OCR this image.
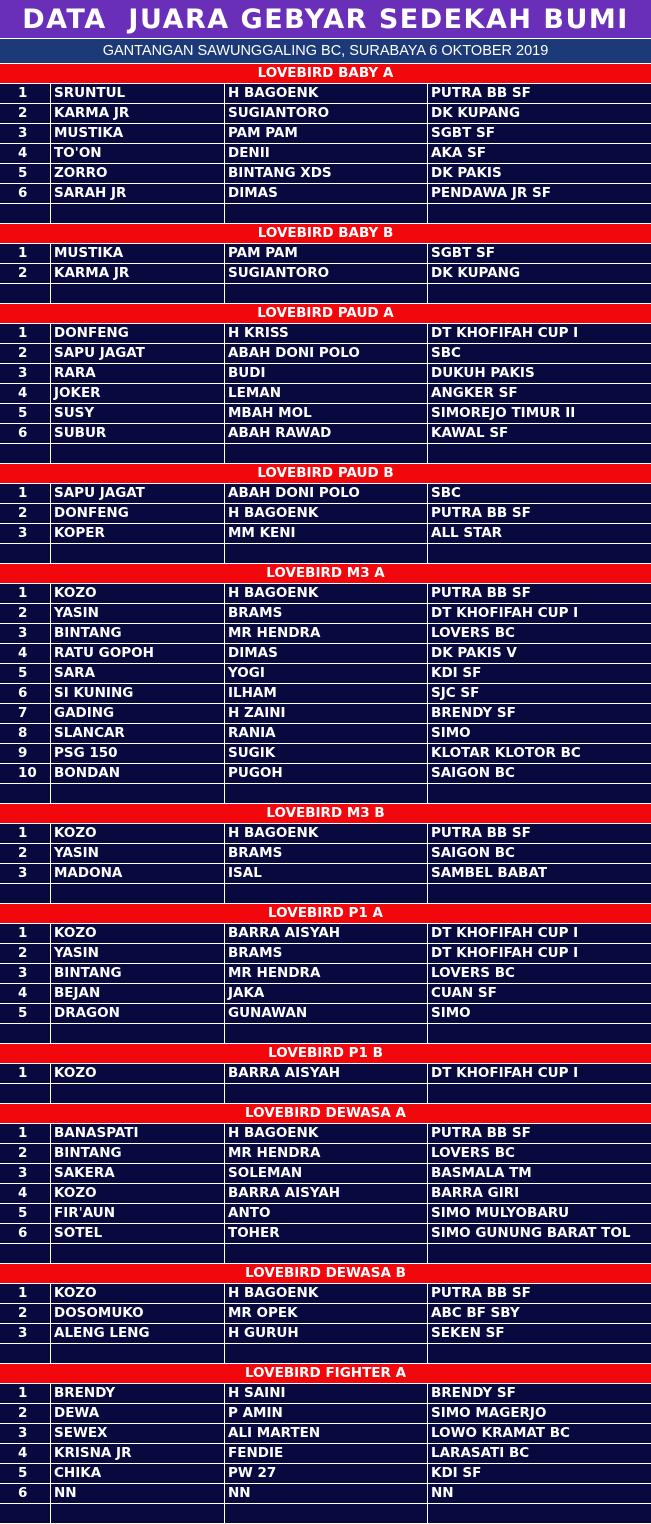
DATA  JUARA GEBYAR SEDEKAH BUMI
GANTANGAN SAWUNGGALING BC, SURABAYA 6 OKTOBER 2019
LOVEBIRD BABY A
1	SRUNTUL	H BAGOENK	PUTRA BB SF
2	KARMA JR	SUGIANTORO	DK KUPANG
3	MUSTIKA	PAM PAM	SGBT SF
4	TO'ON	DENII	AKA SF
5	ZORRO	BINTANG XDS	DK PAKIS
6	SARAH JR	DIMAS	PENDAWA JR SF
LOVEBIRD BABY B
1	MUSTIKA	PAM PAM	SGBT SF
2	KARMA JR	SUGIANTORO	DK KUPANG
LOVEBIRD PAUD A
1	DONFENG	H KRISS	DT KHOFIFAH CUP I
2	SAPU JAGAT	ABAH DONI POLO	SBC
3	RARA	BUDI	DUKUH PAKIS
4	JOKER	LEMAN	ANGKER SF
5	SUSY	MBAH MOL	SIMOREJO TIMUR II
6	SUBUR	ABAH RAWAD	KAWAL SF
LOVEBIRD PAUD B
1	SAPU JAGAT	ABAH DONI POLO	SBC
2	DONFENG	H BAGOENK	PUTRA BB SF
3	KOPER	MM KENI	ALL STAR
LOVEBIRD M3 A
1	KOZO	H BAGOENK	PUTRA BB SF
2	YASIN	BRAMS	DT KHOFIFAH CUP I
3	BINTANG	MR HENDRA	LOVERS BC
4	RATU GOPOH	DIMAS	DK PAKIS V
5	SARA	YOGI	KDI SF
6	SI KUNING	ILHAM	SJC SF
7	GADING	H ZAINI	BRENDY SF
8	SLANCAR	RANIA	SIMO
9	PSG 150	SUGIK	KLOTAR KLOTOR BC
10	BONDAN	PUGOH	SAIGON BC
LOVEBIRD M3 B
1	KOZO	H BAGOENK	PUTRA BB SF
2	YASIN	BRAMS	SAIGON BC
3	MADONA	ISAL	SAMBEL BABAT
LOVEBIRD P1 A
1	KOZO	BARRA AISYAH	DT KHOFIFAH CUP I
2	YASIN	BRAMS	DT KHOFIFAH CUP I
3	BINTANG	MR HENDRA	LOVERS BC
4	BEJAN	JAKA	CUAN SF
5	DRAGON	GUNAWAN	SIMO
LOVEBIRD P1 B
1	KOZO	BARRA AISYAH	DT KHOFIFAH CUP I
LOVEBIRD DEWASA A
1	BANASPATI	H BAGOENK	PUTRA BB SF
2	BINTANG	MR HENDRA	LOVERS BC
3	SAKERA	SOLEMAN	BASMALA TM
4	KOZO	BARRA AISYAH	BARRA GIRI
5	FIR'AUN	ANTO	SIMO MULYOBARU
6	SOTEL	TOHER	SIMO GUNUNG BARAT TOL
LOVEBIRD DEWASA B
1	KOZO	H BAGOENK	PUTRA BB SF
2	DOSOMUKO	MR OPEK	ABC BF SBY
3	ALENG LENG	H GURUH	SEKEN SF
LOVEBIRD FIGHTER A
1	BRENDY	H SAINI	BRENDY SF
2	DEWA	P AMIN	SIMO MAGERJO
3	SEWEX	ALI MARTEN	LOWO KRAMAT BC
4	KRISNA JR	FENDIE	LARASATI BC
5	CHIKA	PW 27	KDI SF
6	NN	NN	NN
